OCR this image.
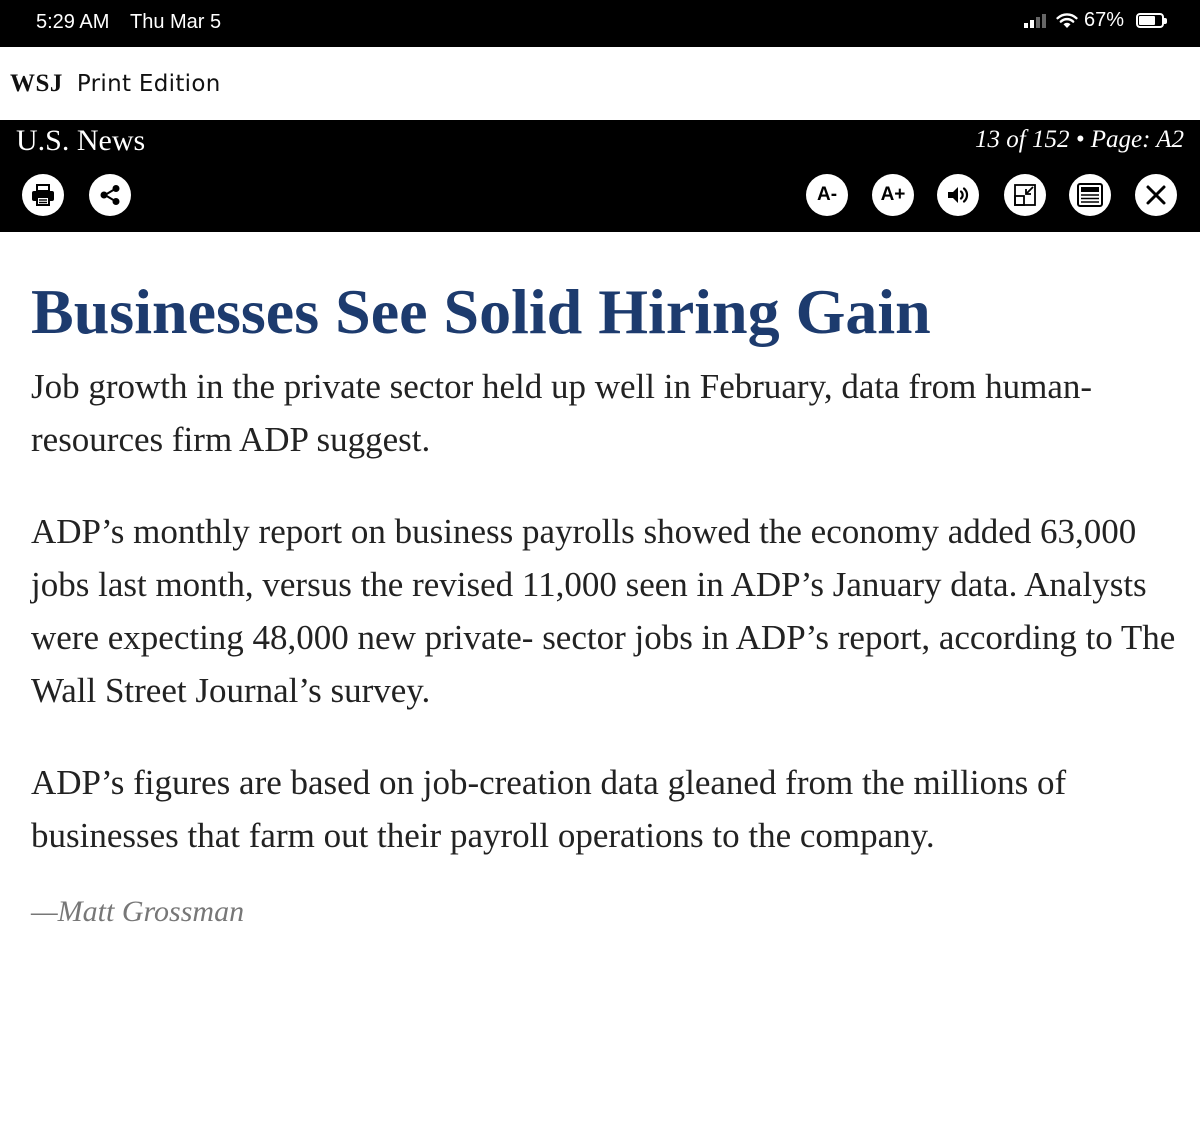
5:29 AM Thu Mar 5	67%
WSJ Print Edition
U.S. News	13 of 152 • Page: A2
A-	A+
Businesses See Solid Hiring Gain

Job growth in the private sector held up well in February, data from human-resources firm ADP suggest.

ADP’s monthly report on business payrolls showed the economy added 63,000 jobs last month, versus the revised 11,000 seen in ADP’s January data. Analysts were expecting 48,000 new private- sector jobs in ADP’s report, according to The Wall Street Journal’s survey.

ADP’s figures are based on job-creation data gleaned from the millions of businesses that farm out their payroll operations to the company.

—Matt Grossman
